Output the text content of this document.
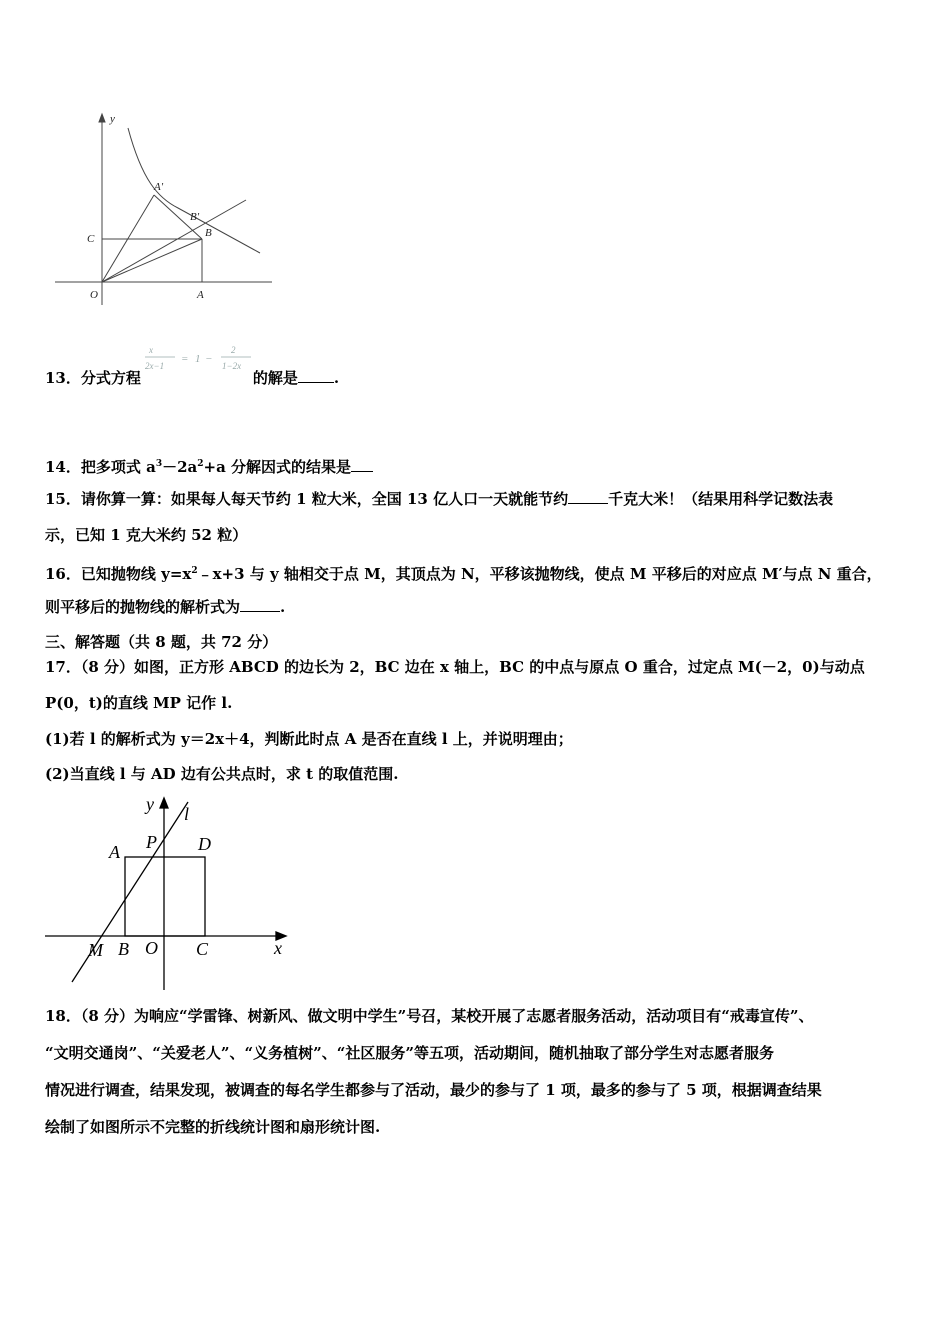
y
C
O	A
A'
B'
B
x
2x−1
= 1 −
2
1−2x
13．分式方程	的解是 .
14．把多项式 $a^3-2a^2+a$ 分解因式的结果是
15．请你算一算：如果每人每天节约 1 粒大米，全国 13 亿人口一天就能节约	千克大米！（结果用科学记数法表
示，已知 1 克大米约 52 粒）
16．已知抛物线 $y=x^2﹣x+3$ 与 y 轴相交于点 M，其顶点为 N，平移该抛物线，使点 M 平移后的对应点 M′与点 N 重合，
则平移后的抛物线的解析式为	.
三、解答题（共 8 题，共 72 分）
17．（8 分）如图，正方形 ABCD 的边长为 2，BC 边在 x 轴上，BC 的中点与原点 O 重合，过定点 M(－2，0)与动点
P(0，t)的直线 MP 记作 l.
(1)若 l 的解析式为 y＝2x＋4，判断此时点 A 是否在直线 l 上，并说明理由；
(2)当直线 l 与 AD 边有公共点时，求 t 的取值范围.
y l
P
A	D
M B O C	x
18．（8 分）为响应“学雷锋、树新风、做文明中学生”号召，某校开展了志愿者服务活动，活动项目有“戒毒宣传”、
“文明交通岗”、“关爱老人”、“义务植树”、“社区服务”等五项，活动期间，随机抽取了部分学生对志愿者服务
情况进行调查，结果发现，被调查的每名学生都参与了活动，最少的参与了 1 项，最多的参与了 5 项，根据调查结果
绘制了如图所示不完整的折线统计图和扇形统计图.
